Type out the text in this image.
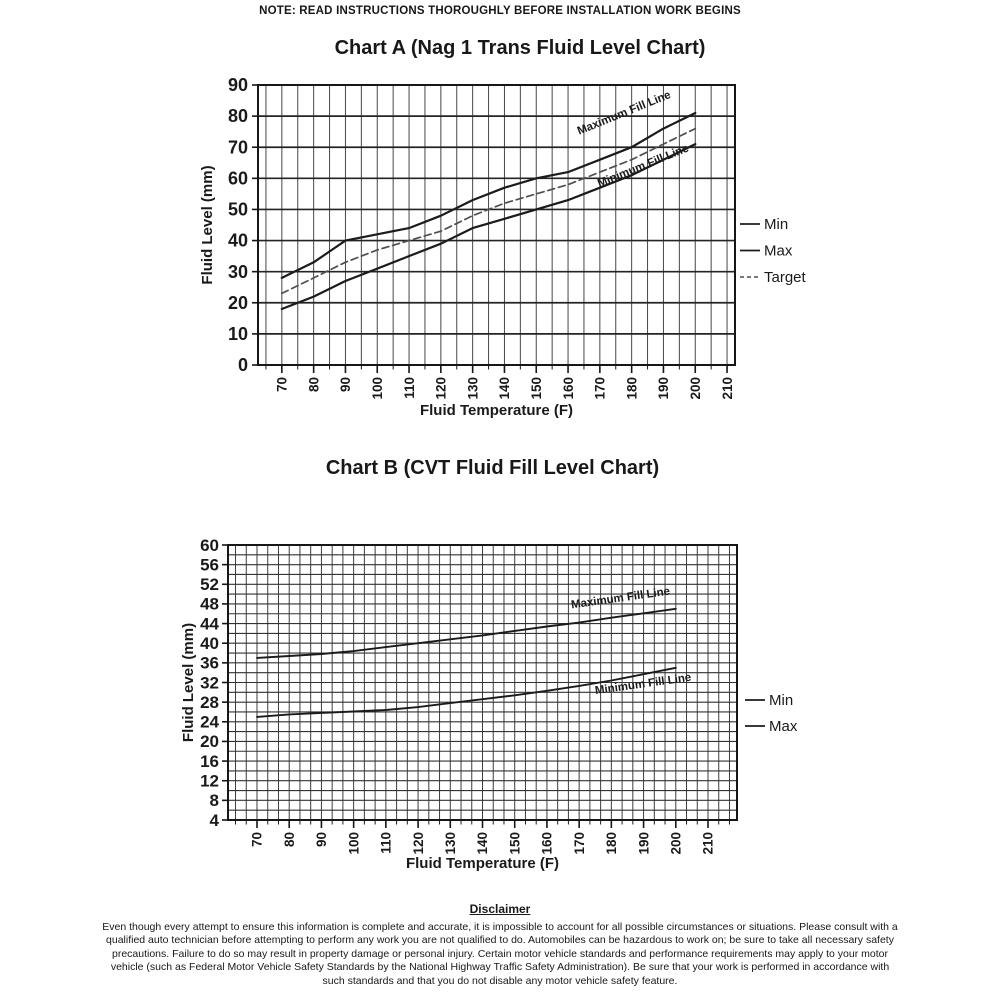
NOTE: READ INSTRUCTIONS THOROUGHLY BEFORE INSTALLATION WORK BEGINS
Chart A (Nag 1 Trans Fluid Level Chart)
70 80 90 100 110 120 130 140 150 160 170 180 190 200 210
0
10
20
30
40
50
60
70
80
90
Maximum Fill Line
Minimum Fill Line
Min
Max
Target
Fluid Temperature (F)
Fluid Level (mm)
Chart B (CVT Fluid Fill Level Chart)
70 80 90 100 110 120 130 140 150 160 170 180 190 200 210
4
8
12
16
20
24
28
32
36
40
44
48
52
56
60
Maximum Fill Line
Minimum Fill Line
Min
Max
Fluid Temperature (F)
Fluid Level (mm)
Disclaimer
Even though every attempt to ensure this information is complete and accurate, it is impossible to account for all possible circumstances or situations. Please consult with a qualified auto technician before attempting to perform any work you are not qualified to do. Automobiles can be hazardous to work on; be sure to take all necessary safety precautions. Failure to do so may result in property damage or personal injury. Certain motor vehicle standards and performance requirements may apply to your motor vehicle (such as Federal Motor Vehicle Safety Standards by the National Highway Traffic Safety Administration). Be sure that your work is performed in accordance with such standards and that you do not disable any motor vehicle safety feature.
